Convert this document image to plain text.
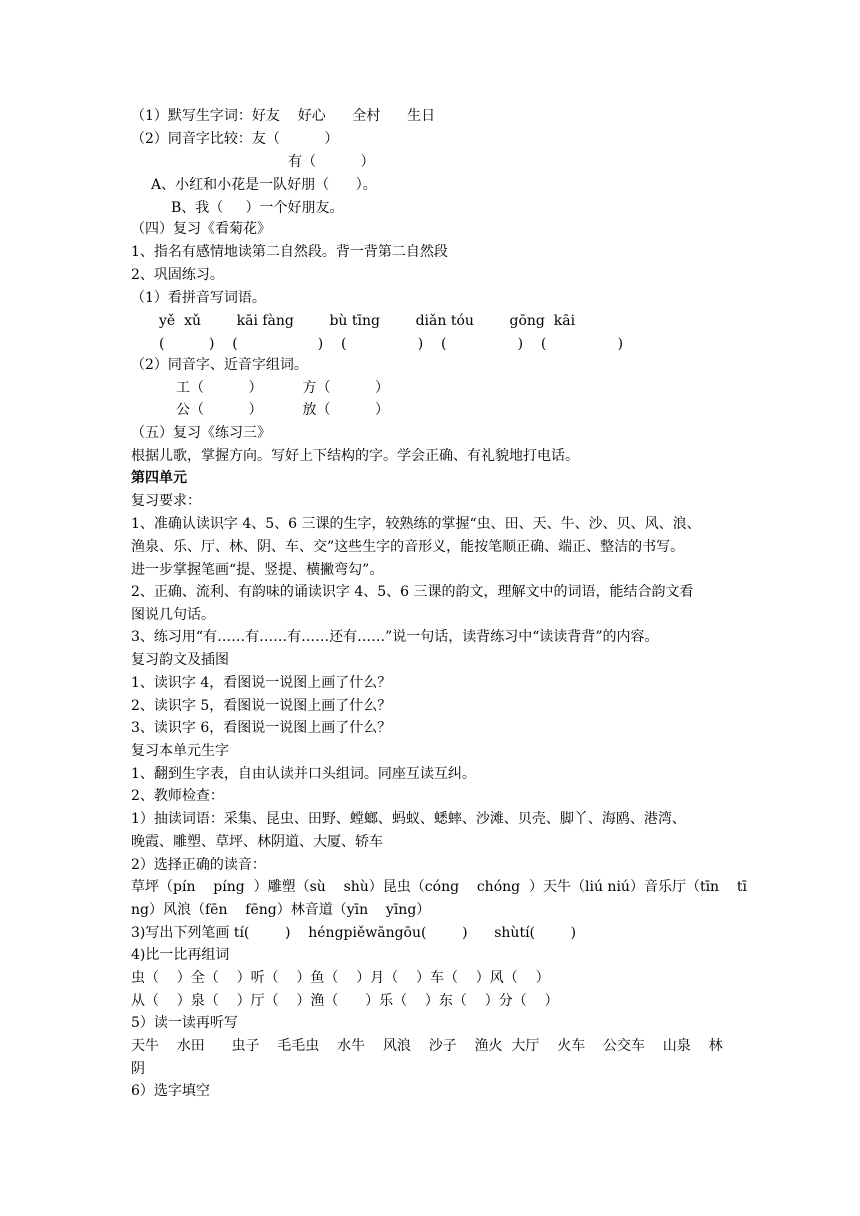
（1）默写生字词：好友    好心      全村      生日
（2）同音字比较：友（          ）
有（          ）
A、小红和小花是一队好朋（      ）。
B、我（     ）一个好朋友。
（四）复习《看菊花》
1、指名有感情地读第二自然段。背一背第二自然段
2、巩固练习。
（1）看拼音写词语。
yě  xǔ        kāi fàng        bù tīng        diǎn tóu        gōng  kāi
(          )    (                  )    (                )    (                )    (                )
（2）同音字、近音字组词。
工（          ）         方（          ）
公（          ）         放（          ）
（五）复习《练习三》
根据儿歌，掌握方向。写好上下结构的字。学会正确、有礼貌地打电话。
第四单元
复习要求：
1、准确认读识字 4、5、6 三课的生字，较熟练的掌握“虫、田、天、牛、沙、贝、风、浪、
渔泉、乐、厅、林、阴、车、交”这些生字的音形义，能按笔顺正确、端正、整洁的书写。
进一步掌握笔画“提、竖提、横撇弯勾”。
2、正确、流利、有韵味的诵读识字 4、5、6 三课的韵文，理解文中的词语，能结合韵文看
图说几句话。
3、练习用“有……有……有……还有……”说一句话，读背练习中“读读背背”的内容。
复习韵文及插图
1、读识字 4，看图说一说图上画了什么？
2、读识字 5，看图说一说图上画了什么？
3、读识字 6，看图说一说图上画了什么？
复习本单元生字
1、翻到生字表，自由认读并口头组词。同座互读互纠。
2、教师检查：
1）抽读词语：采集、昆虫、田野、螳螂、蚂蚁、蟋蟀、沙滩、贝壳、脚丫、海鸥、港湾、
晚霞、雕塑、草坪、林阴道、大厦、轿车
2）选择正确的读音：
草坪（pín    píng  ）雕塑（sù    shù）昆虫（cóng    chóng  ）天牛（liú niú）音乐厅（tīn    tī
ng）风浪（fēn    fēng）林音道（yīn    yīng）
3)写出下列笔画 tí(        )    héngpiěwāngōu(        )      shùtí(        )
4)比一比再组词
虫（    ）全（    ）听（    ）鱼（    ）月（    ）车（    ）风（    ）
从（    ）泉（    ）厅（    ）渔（      ）乐（    ）东（    ）分（    ）
5）读一读再听写
天牛    水田      虫子    毛毛虫    水牛    风浪    沙子    渔火  大厅    火车    公交车    山泉    林
阴
6）选字填空
